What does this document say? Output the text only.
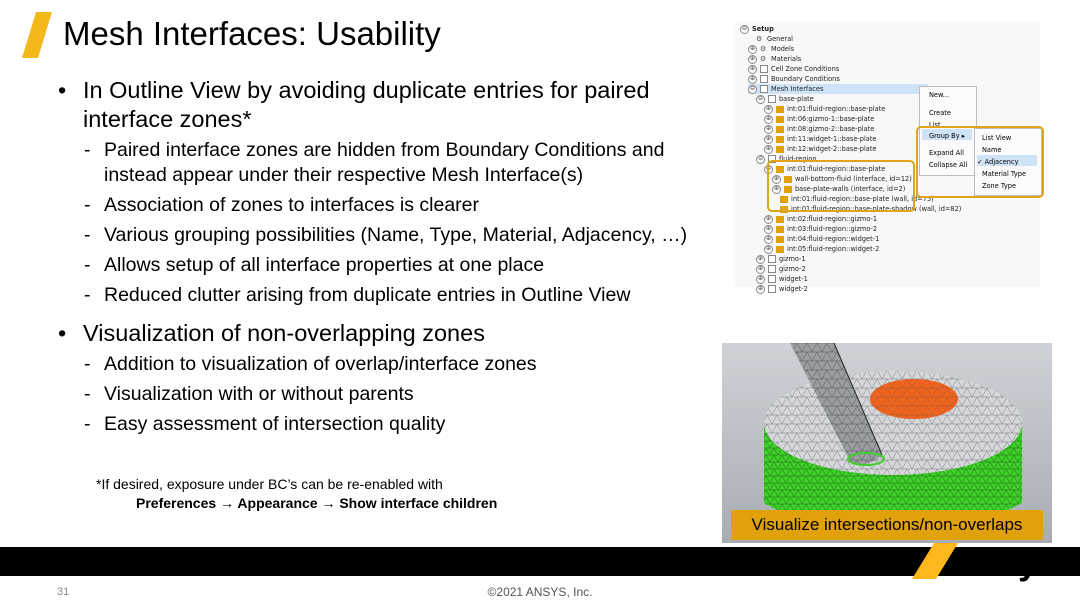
Mesh Interfaces: Usability
• In Outline View by avoiding duplicate entries for paired interface zones*
- Paired interface zones are hidden from Boundary Conditions and instead appear under their respective Mesh Interface(s)
- Association of zones to interfaces is clearer
- Various grouping possibilities (Name, Type, Material, Adjacency, …)
- Allows setup of all interface properties at one place
- Reduced clutter arising from duplicate entries in Outline View
• Visualization of non-overlapping zones
- Addition to visualization of overlap/interface zones
- Visualization with or without parents
- Easy assessment of intersection quality
*If desired, exposure under BC’s can be re-enabled with
Preferences → Appearance → Show interface children
⊖ Setup
⚙ General
⊕ ⚙ Models
⊕ ⚙ Materials
⊕ Cell Zone Conditions
⊕ Boundary Conditions
⊖ Mesh Interfaces
⊖ base-plate
⊕ int:01:fluid-region::base-plate
⊕ int:06:gizmo-1::base-plate
⊕ int:08:gizmo-2::base-plate
⊕ int:11:widget-1::base-plate
⊕ int:12:widget-2::base-plate
⊖ fluid-region
⊖ int:01:fluid-region::base-plate
⊕ wall-bottom-fluid (interface, id=12)
⊕ base-plate-walls (interface, id=2)
int:01:fluid-region::base-plate (wall, id=75)
int:01:fluid-region::base-plate-shadow (wall, id=82)
⊕ int:02:fluid-region::gizmo-1
⊕ int:03:fluid-region::gizmo-2
⊕ int:04:fluid-region::widget-1
⊕ int:05:fluid-region::widget-2
⊕ gizmo-1
⊕ gizmo-2
⊕ widget-1
⊕ widget-2
New...
Create
List
Group By ▸
Expand All
Collapse All
List View
Name
✓ Adjacency
Material Type
Zone Type
Visualize intersections/non-overlaps
Ansys
31	©2021 ANSYS, Inc.
